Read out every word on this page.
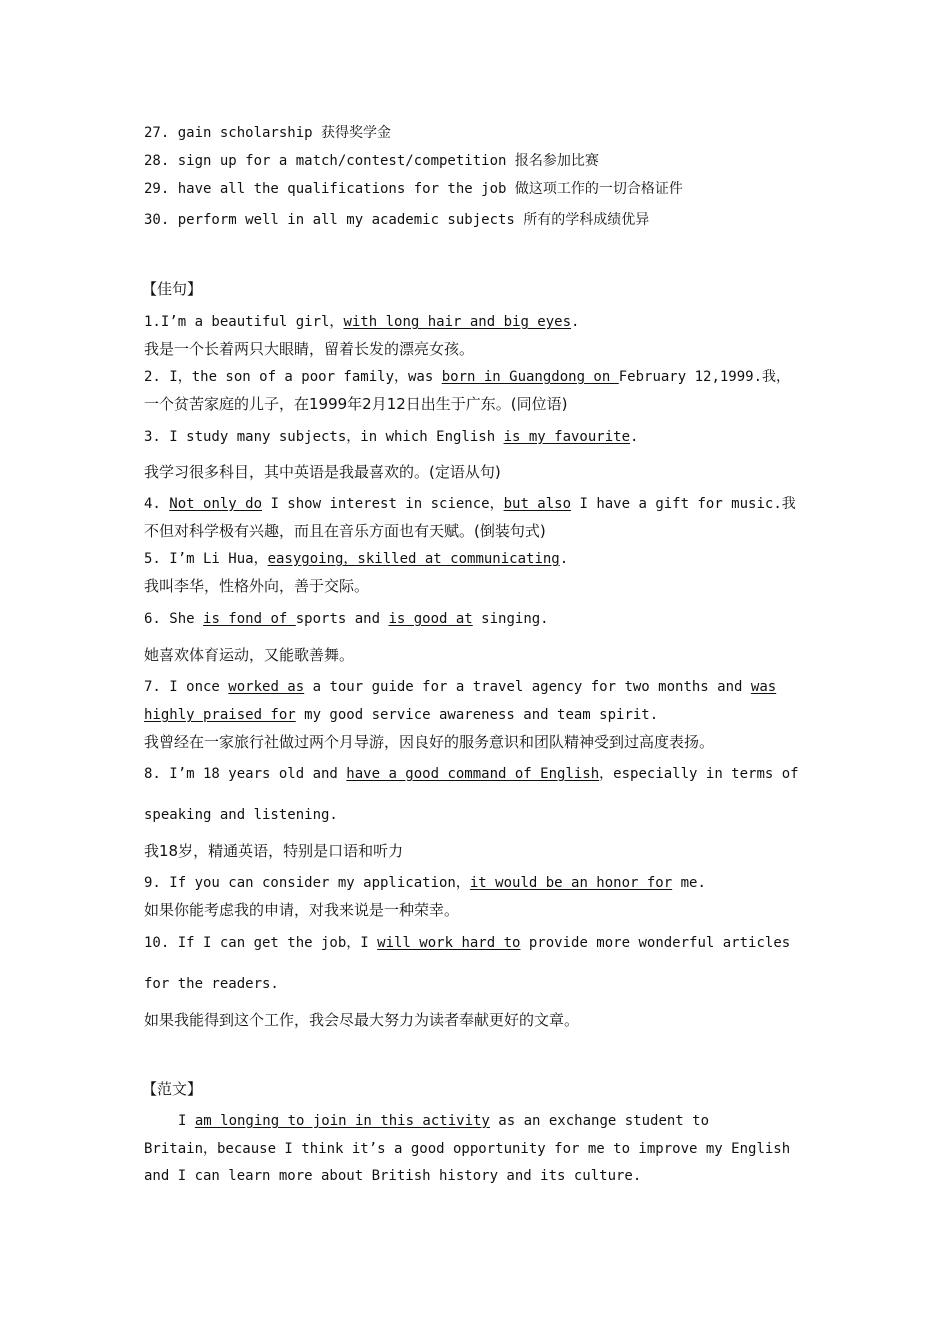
27. gain scholarship 获得奖学金
28. sign up for a match/contest/competition 报名参加比赛
29. have all the qualifications for the job 做这项工作的一切合格证件
30. perform well in all my academic subjects 所有的学科成绩优异
【佳句】
1.I’m a beautiful girl，with long hair and big eyes.
我是一个长着两只大眼睛，留着长发的漂亮女孩。
2. I，the son of a poor family，was born in Guangdong on February 12,1999.我，
一个贫苦家庭的儿子，在1999年2月12日出生于广东。(同位语)
3. I study many subjects，in which English is my favourite.
我学习很多科目，其中英语是我最喜欢的。(定语从句)
4. Not only do I show interest in science，but also I have a gift for music.我
不但对科学极有兴趣，而且在音乐方面也有天赋。(倒装句式)
5. I’m Li Hua，easygoing，skilled at communicating.
我叫李华，性格外向，善于交际。
6. She is fond of sports and is good at singing.
她喜欢体育运动，又能歌善舞。
7. I once worked as a tour guide for a travel agency for two months and was
highly praised for my good service awareness and team spirit.
我曾经在一家旅行社做过两个月导游，因良好的服务意识和团队精神受到过高度表扬。
8. I’m 18 years old and have a good command of English，especially in terms of
speaking and listening.
我18岁，精通英语，特别是口语和听力
9. If you can consider my application，it would be an honor for me.
如果你能考虑我的申请，对我来说是一种荣幸。
10. If I can get the job，I will work hard to provide more wonderful articles
for the readers.
如果我能得到这个工作，我会尽最大努力为读者奉献更好的文章。
【范文】
I am longing to join in this activity as an exchange student to
Britain，because I think it’s a good opportunity for me to improve my English
and I can learn more about British history and its culture.
